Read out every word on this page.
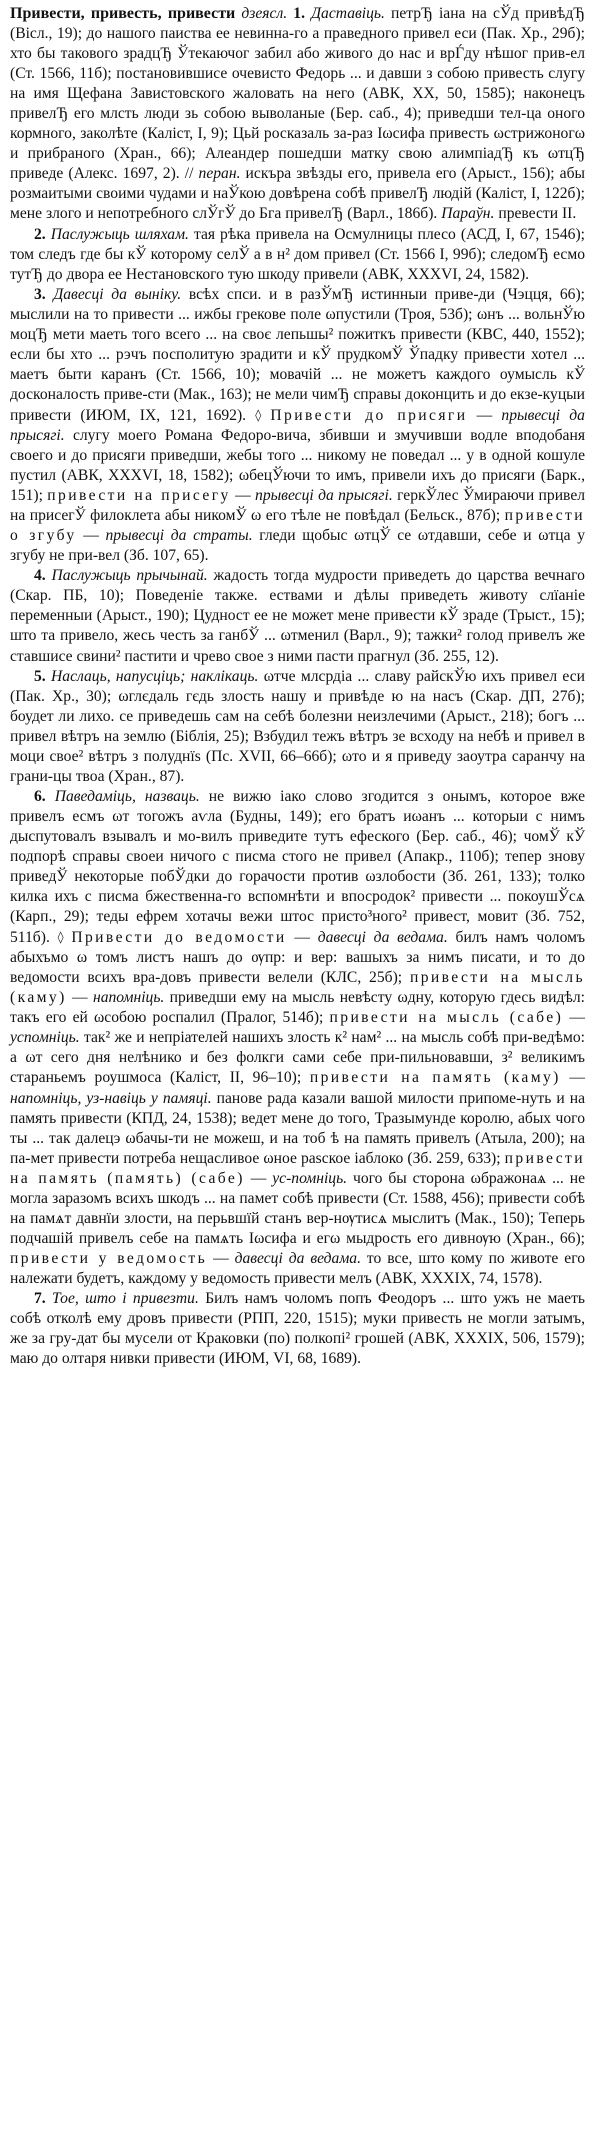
Привести, привесть, привести дзеясл. 1. Даставіць. петрЂ іана на сЎд привѣдЂ (Віcл., 19); до нашого паиства ее невинна-го а праведного привел еси (Пак. Хр., 29б); хто бы такового зрадцЂ Ўтекаючог забил або живого до нас и врЃду нѣшог прив-ел (Ст. 1566, 11б); постановившисе очевисто Федорь ... и давши з собою привесть слугу на имя Щефана Завистовского жаловать на него (АВК, XX, 50, 1585); наконецъ привелЂ его млсть люди зь собою выволаные (Бер. саб., 4); приведши тел-ца оного кормного, заколѣте (Каліст, I, 9); Цьй росказаль за-раз Іωсифа привесть ωстрижоногω и прибраного (Хран., 66); Алеандер пошедши матку свою алимпіадЂ къ ωтцЂ приведе (Алекс. 1697, 2). // перан. искъра звѣзды его, привела его (Арыст., 156); абы розмаитыми своими чудами и наЎкою довѣрена собѣ привелЂ людій (Каліст, I, 122б); мене злого и непотребного слЎгЎ до Бга привелЂ (Варл., 186б). Параўн. превести II.

2. Паслужыць шляхам. тая рѣка привела на Осмулницы плесо (АСД, I, 67, 1546); том следъ где бы кЎ которому селЎ а в н² дом привел (Ст. 1566 I, 99б); следомЂ есмо тутЂ до двора ее Нестановского тую шкоду привели (АВК, XXXVI, 24, 1582).

3. Давесці да вынікy. всѣх спси. и в разЎмЂ истинныи приве-ди (Чэцця, 66); мыслили на то привести ... ижбы грекове поле ωпустили (Троя, 53б); ωнъ ... вольнЎю моцЂ мети маеть того всего ... на своє лепьшы² пожиткъ привести (КВС, 440, 1552); если бы хто ... рэчъ посполитую зрадити и кЎ прудкомЎ Ўпадку привести хотел ... маетъ быти каранъ (Ст. 1566, 10); мовачій ... не можетъ каждого оумысль кЎ досконалость приве-сти (Мак., 163); не мели чимЂ справы доконцить и до екзе-куцыи привести (ИЮМ, IX, 121, 1692). ◊ Привести до присяги — прывесці да прысягі. слугу моего Романа Федоро-вича, збивши и змучивши водле вподобаня своего и до присяги приведши, жебы того ... никому не поведал ... у в одной кошуле пустил (АВК, XXXVI, 18, 1582); ωбецЎючи то имъ, привели ихъ до присяги (Барк., 151); привести на присегу — прывесці да прысягі. геркЎлес Ўмираючи привел на присегЎ филоклета абы никомЎ ω его тѣле не повѣдал (Бельск., 87б); привести о згубу — прывесці да страты. гледи щобыс ωтцЎ се ωтдавши, себе и ωтца у згубу не при-вел (Зб. 107, 65).

4. Паслужыць прычынай. жадость тогда мудрости приведеть до царства вечнаго (Скар. ПБ, 10); Поведеніе также. ествами и дѣлы приведеть животу слїаніе переменныи (Арыст., 190); Цудност ее не может мене привести кЎ зраде (Трыст., 15); што та привело, жесь честь за ганбЎ ... ωтменил (Варл., 9); тажки² голод привелъ же ставшисе свини² пастити и чрево свое з ними пасти прагнул (Зб. 255, 12).

5. Наслаць, напусціць; наклікаць. ωтче млсрдіа ... славу райскЎю ихъ привел еси (Пак. Хр., 30); ωглєдаль гєдь злость нашу и привѣде ю на насъ (Скар. ДП, 27б); боудет ли лихо. се приведешь сам на себѣ болезни неизлечими (Арыст., 218); богъ ... привел вѣтръ на землю (Біблія, 25); Взбудил тежъ вѣтръ зе всходу на небѣ и привел в моци свое² вѣтръ з полуднїѕ (Пс. XVII, 66–66б); ωто и я приведу заоутра саранчу на грани-цы твоа (Хран., 87).

6. Паведаміць, назваць. не вижю іако слово згодится з онымъ, которое вже привелъ есмъ ωт тогожъ аѵла (Будны, 149); его братъ иωанъ ... которыи с нимъ дыспутовалъ взывалъ и мо-вилъ приведите тутъ ефеского (Бер. саб., 46); чомЎ кЎ подпорѣ справы своеи ничого с писма стого не привел (Апакр., 110б); тепер знову приведЎ некоторые побЎдки до горачости против ωзлобости (Зб. 261, 133); толко килка ихъ с писма бжественна-го вспомнѣти и впосродок² привести ... покоушЎсѧ (Карп., 29); теды ефрем хотачы вежи штос присто³ного² привест, мовит (Зб. 752, 511б). ◊ Привести до ведомости — давесці да ведама. билъ намъ чоломъ абыхъмо ω томъ листъ нашъ до ѹпр: и вер: вашыхъ за нимъ писати, и то до ведомости всихъ вра-довъ привести велели (КЛС, 25б); привести на мысль (каму) — напомніць. приведши ему на мысль невѣсту ωдну, которую гдесь видѣл: такъ его ей ωсобою роспалил (Пралог, 514б); привести на мысль (сабе) — успомніць. так² же и непріателей нашихъ злость к² нам² ... на мысль собѣ при-ведѣмо: а ωт сего дня нелѣнико и без фолкги сами себе при-пильновавши, з² великимъ стараньемъ роушмоса (Каліст, II, 96–10); привести на память (каму) — напомніць, уз-навіць у памяці. панове рада казали вашой милости припоме-нуть и на память привести (КПД, 24, 1538); ведет мене до того, Тразымунде королю, абых чого ты ... так далецэ ωбачы-ти не можеш, и на тоб ѣ на память привелъ (Атыла, 200); на па-мет привести потреба нещасливое ωное раѕское іаблоко (Зб. 259, 633); привести на память (память) (сабе) — ус-помніць. чого бы сторона ωбражонаѧ ... не могла заразомъ всихъ шкодъ ... на памет собѣ привести (Ст. 1588, 456); привести собѣ на памѧт давнїи злости, на перьвшїй станъ вер-нѹтисѧ мыслитъ (Мак., 150); Теперь подчашій привелъ себе на памѧть Іωсифа и егω мыдрость его дивнѹю (Хран., 66); привести у ведомость — давесці да ведама. то все, што кому по животе его належати будетъ, каждому у ведомость привести мелъ (АВК, XXXIX, 74, 1578).

7. Тое, што і привезти. Билъ намъ чоломъ попъ Феодоръ ... што ужъ не маеть собѣ отколѣ ему дровъ привести (РПП, 220, 1515); муки привесть не могли затымъ, же за гру-дат бы мусели от Краковки (по) полкопі² грошей (АВК, XXXIX, 506, 1579); маю до олтаря нивки привести (ИЮМ, VI, 68, 1689).
